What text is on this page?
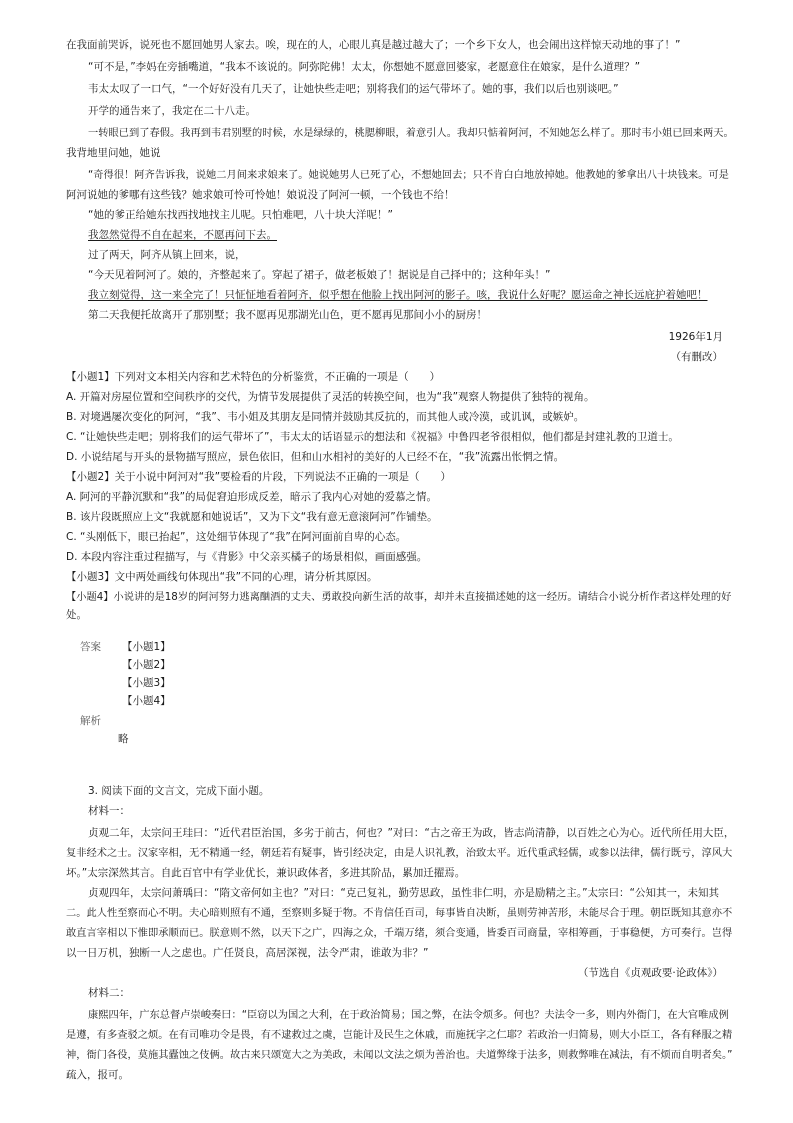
在我面前哭诉，说死也不愿回她男人家去。唉，现在的人，心眼儿真是越过越大了；一个乡下女人，也会闹出这样惊天动地的事了！”
“可不是，”李妈在旁插嘴道，“我本不该说的。阿弥陀佛！太太，你想她不愿意回婆家，老愿意住在娘家，是什么道理？”
韦太太叹了一口气，“一个好好没有几天了，让她快些走吧；别将我们的运气带坏了。她的事，我们以后也别谈吧。”
开学的通告来了，我定在二十八走。
一转眼已到了春假。我再到韦君别墅的时候，水是绿绿的，桃腮柳眼，着意引人。我却只惦着阿河，不知她怎么样了。那时韦小姐已回来两天。
我背地里问她，她说
“奇得很！阿齐告诉我，说她二月间来求娘来了。她说她男人已死了心，不想她回去；只不肯白白地放掉她。他教她的爹拿出八十块钱来。可是
阿河说她的爹哪有这些钱？她求娘可怜可怜她！娘说没了阿河一顿，一个钱也不给！
“她的爹正给她东找西找地找主儿呢。只怕难吧，八十块大洋呢！”
我忽然觉得不自在起来，不愿再问下去。
过了两天，阿齐从镇上回来，说，
“今天见着阿河了。娘的，齐整起来了。穿起了裙子，做老板娘了！据说是自己择中的；这种年头！”
我立刻觉得，这一来全完了！只怔怔地看着阿齐，似乎想在他脸上找出阿河的影子。咳，我说什么好呢？愿运命之神长远庇护着她吧！
第二天我便托故离开了那别墅；我不愿再见那湖光山色，更不愿再见那间小小的厨房！
1926年1月
（有删改）
【小题1】下列对文本相关内容和艺术特色的分析鉴赏，不正确的一项是（　　）
A. 开篇对房屋位置和空间秩序的交代，为情节发展提供了灵活的转换空间，也为“我”观察人物提供了独特的视角。
B. 对境遇屡次变化的阿河，“我”、韦小姐及其朋友是同情并鼓励其反抗的，而其他人或冷漠，或讥讽，或嫉妒。
C. “让她快些走吧；别将我们的运气带坏了”，韦太太的话语显示的想法和《祝福》中鲁四老爷很相似，他们都是封建礼教的卫道士。
D. 小说结尾与开头的景物描写照应，景色依旧，但和山水相衬的美好的人已经不在，“我”流露出怅惘之情。
【小题2】关于小说中阿河对“我”要检看的片段，下列说法不正确的一项是（　　）
A. 阿河的平静沉默和“我”的局促窘迫形成反差，暗示了我内心对她的爱慕之情。
B. 该片段既照应上文“我就愿和她说话”，又为下文“我有意无意滚阿河”作铺垫。
C. “头刚低下，眼已抬起”，这处细节体现了“我”在阿河面前自卑的心态。
D. 本段内容注重过程描写，与《背影》中父亲买橘子的场景相似，画面感强。
【小题3】文中两处画线句体现出“我”不同的心理，请分析其原因。
【小题4】小说讲的是18岁的阿河努力逃离酗酒的丈夫、勇敢投向新生活的故事，却并未直接描述她的这一经历。请结合小说分析作者这样处理的好
处。
答案 【小题1】
【小题2】
【小题3】
【小题4】
解析
略
3. 阅读下面的文言文，完成下面小题。
材料一：
贞观二年，太宗问王珪曰：“近代君臣治国，多劣于前古，何也？”对曰：“古之帝王为政，皆志尚清静，以百姓之心为心。近代所任用大臣，
复非经术之士。汉家宰相，无不精通一经，朝廷若有疑事，皆引经决定，由是人识礼教，治致太平。近代重武轻儒，或参以法律，儒行既亏，淳风大
坏。”太宗深然其言。自此百官中有学业优长，兼识政体者，多进其阶品，累加迁擢焉。
贞观四年，太宗问萧瑀曰：“隋文帝何如主也？”对曰：“克己复礼，勤劳思政，虽性非仁明，亦是励精之主。”太宗曰：“公知其一，未知其
二。此人性至察而心不明。夫心暗则照有不通，至察则多疑于物。不肯信任百司，每事皆自决断，虽则劳神苦形，未能尽合于理。朝臣既知其意亦不
敢直言宰相以下惟即承顺而已。朕意则不然，以天下之广，四海之众，千端万绪，须合变通，皆委百司商量，宰相筹画，于事稳便，方可奏行。岂得
以一日万机，独断一人之虑也。广任贤良，高居深视，法令严肃，谁敢为非？”
（节选自《贞观政要·论政体》）
材料二：
康熙四年，广东总督卢崇峻奏曰：“臣窃以为国之大利，在于政治简易；国之弊，在法令烦多。何也？夫法令一多，则内外衙门，在大官唯成例
是遵，有多查驳之烦。在有司唯功令是畏，有不逮救过之虞，岂能计及民生之休戚，而施抚字之仁耶？若政治一归简易，则大小臣工，各有释服之精
神，衙门各役，莫施其蠹蚀之伎俩。故古来只颂宽大之为美政，未闻以文法之烦为善治也。夫道弊缘于法多，则救弊唯在减法，有不烦而自明者矣。”
疏入，报可。
